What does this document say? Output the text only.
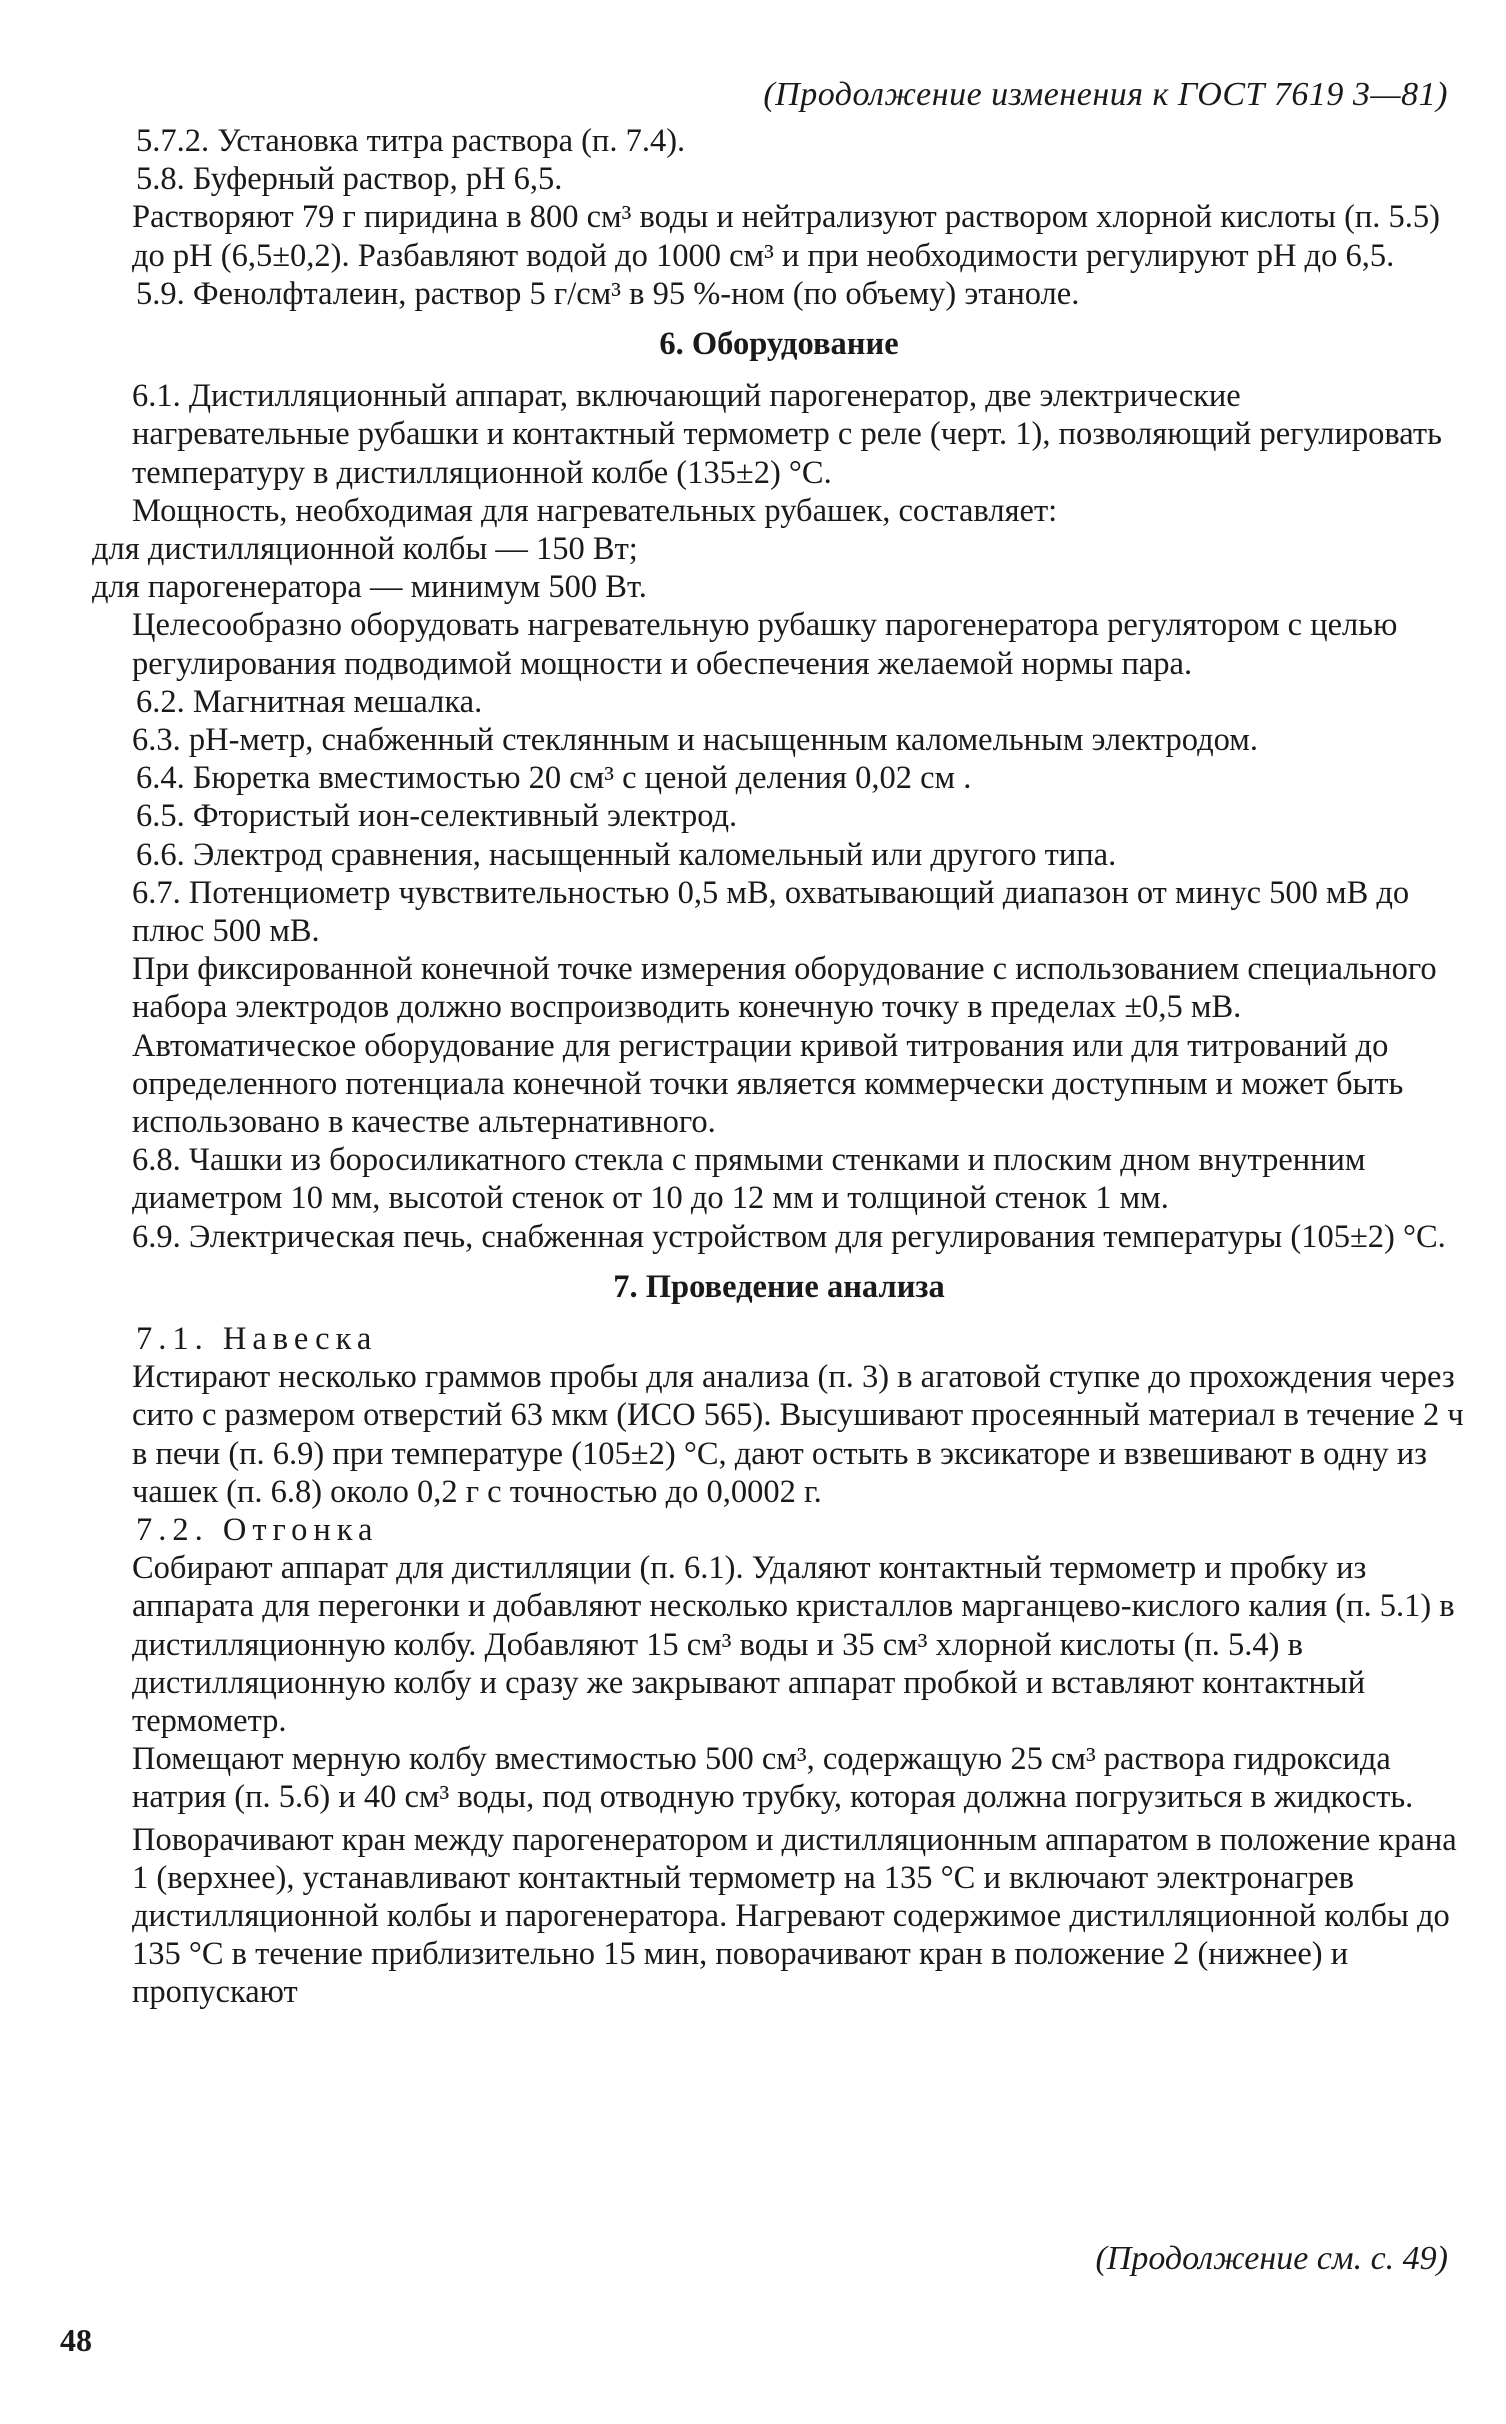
(Продолжение изменения к ГОСТ 7619 3—81)

5.7.2. Установка титра раствора (п. 7.4).

5.8. Буферный раствор, pH 6,5.

Растворяют 79 г пиридина в 800 см³ воды и нейтрализуют раствором хлорной кислоты (п. 5.5) до pH (6,5±0,2). Разбавляют водой до 1000 см³ и при необходимости регулируют pH до 6,5.

5.9. Фенолфталеин, раствор 5 г/см³ в 95 %-ном (по объему) этаноле.

6. Оборудование

6.1. Дистилляционный аппарат, включающий парогенератор, две электрические нагревательные рубашки и контактный термометр с реле (черт. 1), позволяющий регулировать температуру в дистилляционной колбе (135±2) °С.

Мощность, необходимая для нагревательных рубашек, составляет:

для дистилляционной колбы — 150 Вт;

для парогенератора — минимум 500 Вт.

Целесообразно оборудовать нагревательную рубашку парогенератора регулятором с целью регулирования подводимой мощности и обеспечения желаемой нормы пара.

6.2. Магнитная мешалка.

6.3. pH-метр, снабженный стеклянным и насыщенным каломельным электродом.

6.4. Бюретка вместимостью 20 см³ с ценой деления 0,02 см .

6.5. Фтористый ион-селективный электрод.

6.6. Электрод сравнения, насыщенный каломельный или другого типа.

6.7. Потенциометр чувствительностью 0,5 мВ, охватывающий диапазон от минус 500 мВ до плюс 500 мВ.

При фиксированной конечной точке измерения оборудование с использованием специального набора электродов должно воспроизводить конечную точку в пределах ±0,5 мВ.

Автоматическое оборудование для регистрации кривой титрования или для титрований до определенного потенциала конечной точки является коммерчески доступным и может быть использовано в качестве альтернативного.

6.8. Чашки из боросиликатного стекла с прямыми стенками и плоским дном внутренним диаметром 10 мм, высотой стенок от 10 до 12 мм и толщиной стенок 1 мм.

6.9. Электрическая печь, снабженная устройством для регулирования температуры (105±2) °С.

7. Проведение анализа

7.1. Навеска

Истирают несколько граммов пробы для анализа (п. 3) в агатовой ступке до прохождения через сито с размером отверстий 63 мкм (ИСО 565). Высушивают просеянный материал в течение 2 ч в печи (п. 6.9) при температуре (105±2) °С, дают остыть в эксикаторе и взвешивают в одну из чашек (п. 6.8) около 0,2 г с точностью до 0,0002 г.

7.2. Отгонка

Собирают аппарат для дистилляции (п. 6.1). Удаляют контактный термометр и пробку из аппарата для перегонки и добавляют несколько кристаллов марганцево-кислого калия (п. 5.1) в дистилляционную колбу. Добавляют 15 см³ воды и 35 см³ хлорной кислоты (п. 5.4) в дистилляционную колбу и сразу же закрывают аппарат пробкой и вставляют контактный термометр.

Помещают мерную колбу вместимостью 500 см³, содержащую 25 см³ раствора гидроксида натрия (п. 5.6) и 40 см³ воды, под отводную трубку, которая должна погрузиться в жидкость.

Поворачивают кран между парогенератором и дистилляционным аппаратом в положение крана 1 (верхнее), устанавливают контактный термометр на 135 °С и включают электронагрев дистилляционной колбы и парогенератора. Нагревают содержимое дистилляционной колбы до 135 °С в течение приблизительно 15 мин, поворачивают кран в положение 2 (нижнее) и пропускают

(Продолжение см. с. 49)
48
